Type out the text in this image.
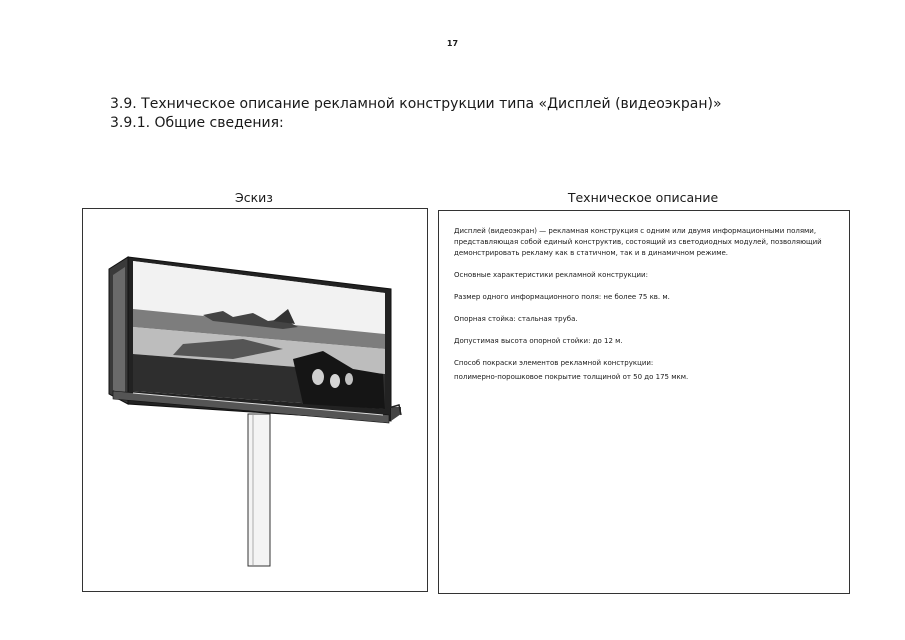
17
3.9. Техническое описание рекламной конструкции типа «Дисплей (видеоэкран)»
3.9.1. Общие сведения:
Эскиз	Техническое описание

Дисплей (видеоэкран) — рекламная конструкция с одним или двумя информационными полями, представляющая собой единый конструктив, состоящий из светодиодных модулей, позволяющий демонстрировать рекламу как в статичном, так и в динамичном режиме.

Основные характеристики рекламной конструкции:

Размер одного информационного поля: не более 75 кв. м.

Опорная стойка: стальная труба.

Допустимая высота опорной стойки: до 12 м.

Способ покраски элементов рекламной конструкции:

полимерно-порошковое покрытие толщиной от 50 до 175 мкм.
